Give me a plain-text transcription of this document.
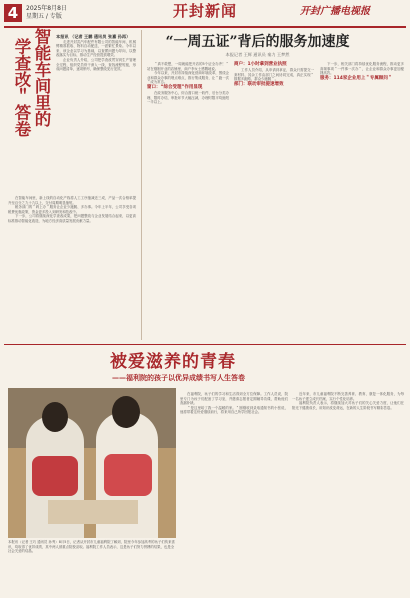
4	2025年8月8日
星期五 / 专版	开封新闻	开封广播电视报
智能车间里的
学查改＂答卷
本报讯 （记者 王鹏 通讯员 张嘉 孙再）
走进开封武汽车配件有限公司的智能车间，机械臂精准抓取、物料自动配送，一派繁忙景象。今年以来，该企业以学习为基础，以查摆问题为导向，以整改落实为目标，推动生产经营提质增效。
企业负责人介绍，公司把学查改贯穿到生产管理全过程，组织党员骨干深入一线，查找流程短板，形成问题清单，逐项销号，确保整改见行见效。
在智能车间里，新上线的自动化产线将人工工序缩减近三成，产品一次合格率提升至百分之九十九以上，交付周期明显缩短。
税务部门的＂码上办＂服务让企业少跑腿、多办事。今年上半年，公司享受各项税费优惠政策，资金更多投入到研发和技改中。
下一步，公司将继续深化学查改成果，把问题整改与企业发展结合起来，以更高标准推动智能化改造，为地方经济高质量发展贡献力量。
“一周五证”背后的服务加速度
本报记者 王辉 通讯员 秦力 王梦然
＂真不敢想，一周就能把开店的5个证全办齐！＂站在刚刚开业的店铺里，商户李女士感慨地说。
今年以来，开封市持续深化营商环境改革，围绕企业和群众办事的堵点难点，推行集成服务，让＂跑一次＂成为常态。
窗口：“综合受理”作用显现
在政务服务中心，综合窗口统一收件、后台分类办理、限时办结，审批环节大幅压减，办理时限平均缩短一半以上。
商户：1小时拿到营业执照
工作人员介绍，从申请到拿证，群众只需提交一套材料，其余工作由部门之间协同完成，真正实现＂数据多跑路、群众少跑腿＂。
部门：联动审批提速增效
下一步，相关部门将持续优化服务流程，推动更多高频事项＂一件事一次办＂，让企业和群众办事更加便捷高效。
服务：114家企业用上＂专属顾问＂
被爱滋养的青春
——福利院的孩子以优异成绩书写人生答卷
本报讯（记者 王巧 通讯员 孙秀）8月5日，记者从开封市儿童福利院了解到，院里今年参加高考的孩子们传来喜讯，均取得了优异成绩，其中两人被重点院校录取。福利院工作人员表示，这是孩子们努力拼搏的结果，也是全社会关爱的结晶。
在福利院，孩子们的学习和生活得到全方位保障。工作人员说，院里专门为孩子们配备了学习室，并邀请志愿者定期辅导功课，帮助他们查漏补缺。
＂是这里给了我一个温暖的家。＂刚刚收到录取通知书的小张说，他将带着这份爱继续前行，将来用自己所学回报社会。
近年来，市儿童福利院不断完善养育、教育、康复一体化服务，为每一名孩子建立成长档案，实行个性化培养。
福利院负责人表示，将继续加大对孩子们的关心关爱力度，让他们在阳光下健康成长，用知识改变命运，在新的人生阶段书写精彩答卷。
